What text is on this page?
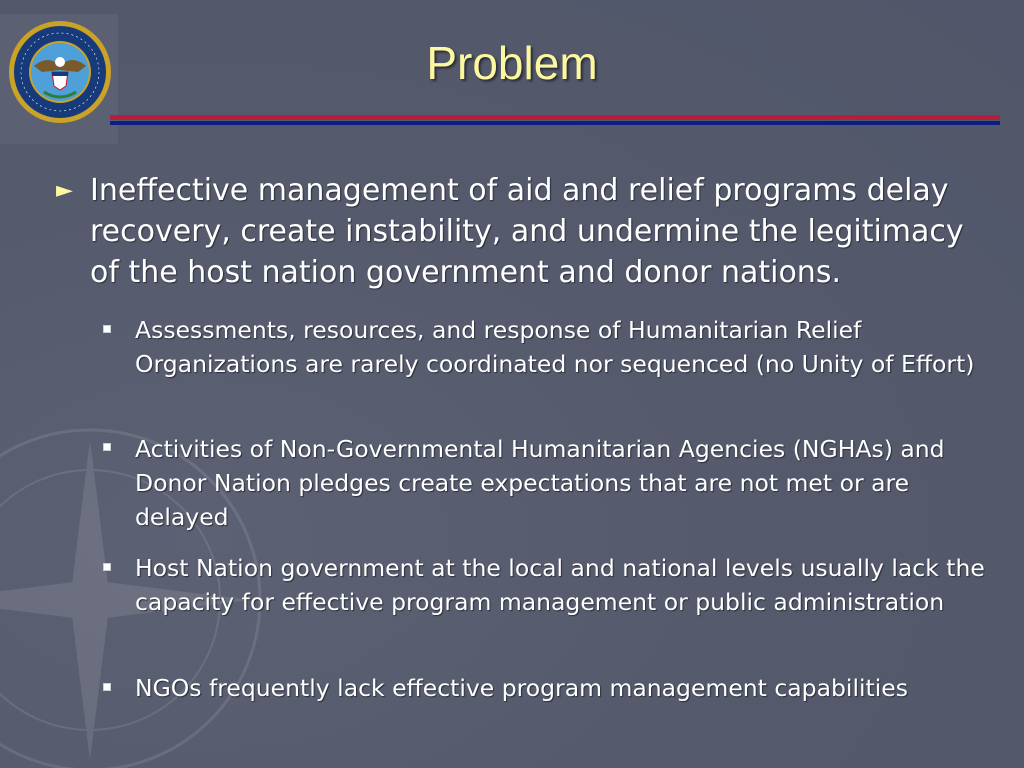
Problem
► Ineffective management of aid and relief programs delay recovery, create instability, and undermine the legitimacy of the host nation government and donor nations.
Assessments, resources, and response of Humanitarian Relief Organizations are rarely coordinated nor sequenced (no Unity of Effort)
Activities of Non-Governmental Humanitarian Agencies (NGHAs) and Donor Nation pledges create expectations that are not met or are delayed
Host Nation government at the local and national levels usually lack the capacity for effective program management or public administration
NGOs frequently lack effective program management capabilities
